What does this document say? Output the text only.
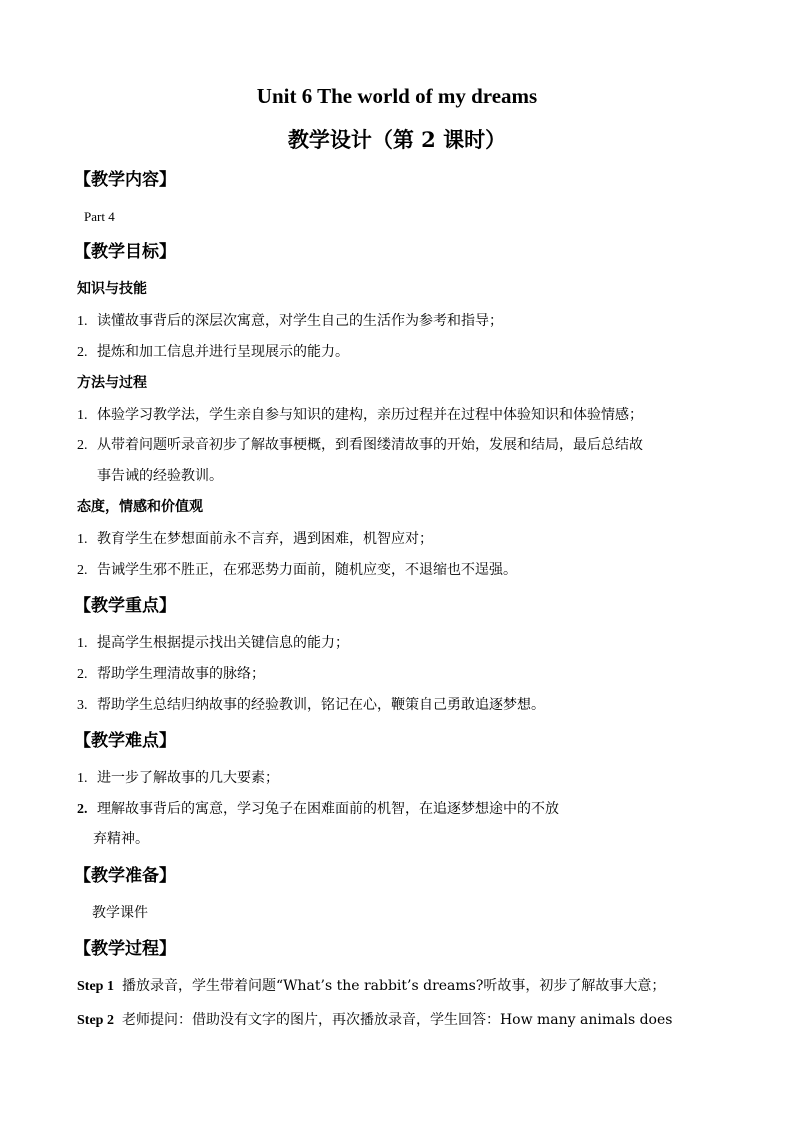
Unit 6 The world of my dreams
教学设计（第 2 课时）
【教学内容】
Part 4
【教学目标】
知识与技能
1. 读懂故事背后的深层次寓意，对学生自己的生活作为参考和指导；
2. 提炼和加工信息并进行呈现展示的能力。
方法与过程
1. 体验学习教学法，学生亲自参与知识的建构，亲历过程并在过程中体验知识和体验情感；
2. 从带着问题听录音初步了解故事梗概，到看图缕清故事的开始，发展和结局，最后总结故
事告诫的经验教训。
态度，情感和价值观
1. 教育学生在梦想面前永不言弃，遇到困难，机智应对；
2. 告诫学生邪不胜正，在邪恶势力面前，随机应变，不退缩也不逞强。
【教学重点】
1. 提高学生根据提示找出关键信息的能力；
2. 帮助学生理清故事的脉络；
3. 帮助学生总结归纳故事的经验教训，铭记在心，鞭策自己勇敢追逐梦想。
【教学难点】
1. 进一步了解故事的几大要素；
2. 理解故事背后的寓意，学习兔子在困难面前的机智，在追逐梦想途中的不放
弃精神。
【教学准备】
教学课件
【教学过程】
Step 1 播放录音，学生带着问题“What’s the rabbit’s dreams?听故事，初步了解故事大意；
Step 2 老师提问：借助没有文字的图片，再次播放录音，学生回答：How many animals does
